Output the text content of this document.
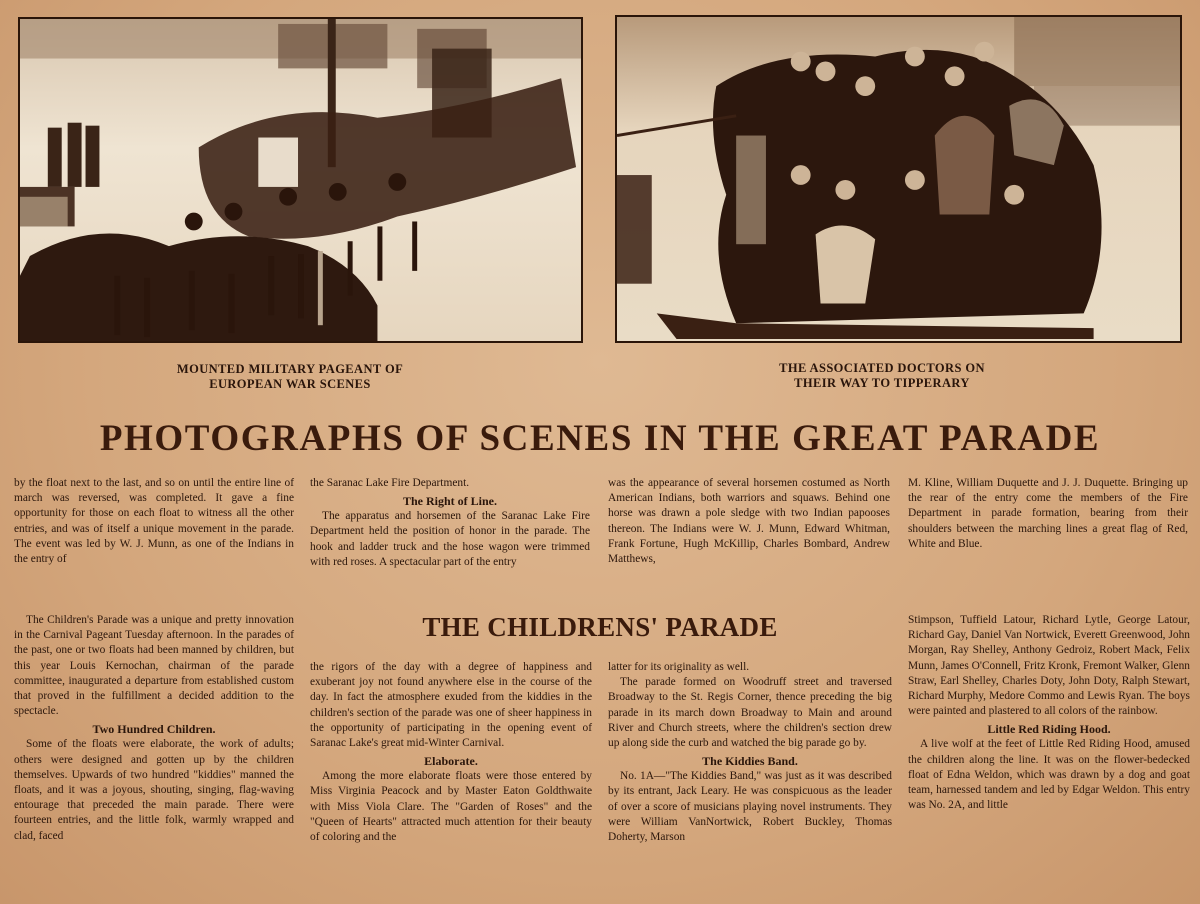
MOUNTED MILITARY PAGEANT OF
EUROPEAN WAR SCENES
THE ASSOCIATED DOCTORS ON
THEIR WAY TO TIPPERARY
PHOTOGRAPHS OF SCENES IN THE GREAT PARADE

by the float next to the last, and so on until the entire line of march was reversed, was completed. It gave a fine opportunity for those on each float to witness all the other entries, and was of itself a unique movement in the parade. The event was led by W. J. Munn, as one of the Indians in the entry of

the Saranac Lake Fire Department.

The Right of Line.

The apparatus and horsemen of the Saranac Lake Fire Department held the position of honor in the parade. The hook and ladder truck and the hose wagon were trimmed with red roses. A spectacular part of the entry

was the appearance of several horsemen costumed as North American Indians, both warriors and squaws. Behind one horse was drawn a pole sledge with two Indian papooses thereon. The Indians were W. J. Munn, Edward Whitman, Frank Fortune, Hugh McKillip, Charles Bombard, Andrew Matthews,

M. Kline, William Duquette and J. J. Duquette. Bringing up the rear of the entry come the members of the Fire Department in parade formation, bearing from their shoulders between the marching lines a great flag of Red, White and Blue.

THE CHILDRENS' PARADE

The Children's Parade was a unique and pretty innovation in the Carnival Pageant Tuesday afternoon. In the parades of the past, one or two floats had been manned by children, but this year Louis Kernochan, chairman of the parade committee, inaugurated a departure from established custom that proved in the fulfillment a decided addition to the spectacle.

Two Hundred Children.

Some of the floats were elaborate, the work of adults; others were designed and gotten up by the children themselves. Upwards of two hundred "kiddies" manned the floats, and it was a joyous, shouting, singing, flag-waving entourage that preceded the main parade. There were fourteen entries, and the little folk, warmly wrapped and clad, faced

the rigors of the day with a degree of happiness and exuberant joy not found anywhere else in the course of the day. In fact the atmosphere exuded from the kiddies in the children's section of the parade was one of sheer happiness in the opportunity of participating in the opening event of Saranac Lake's great mid-Winter Carnival.

Elaborate.

Among the more elaborate floats were those entered by Miss Virginia Peacock and by Master Eaton Goldthwaite with Miss Viola Clare. The "Garden of Roses" and the "Queen of Hearts" attracted much attention for their beauty of coloring and the

latter for its originality as well.

The parade formed on Woodruff street and traversed Broadway to the St. Regis Corner, thence preceding the big parade in its march down Broadway to Main and around River and Church streets, where the children's section drew up along side the curb and watched the big parade go by.

The Kiddies Band.

No. 1A—"The Kiddies Band," was just as it was described by its entrant, Jack Leary. He was conspicuous as the leader of over a score of musicians playing novel instruments. They were William VanNortwick, Robert Buckley, Thomas Doherty, Marson

Stimpson, Tuffield Latour, Richard Lytle, George Latour, Richard Gay, Daniel Van Nortwick, Everett Greenwood, John Morgan, Ray Shelley, Anthony Gedroiz, Robert Mack, Felix Munn, James O'Connell, Fritz Kronk, Fremont Walker, Glenn Straw, Earl Shelley, Charles Doty, John Doty, Ralph Stewart, Richard Murphy, Medore Commo and Lewis Ryan. The boys were painted and plastered to all colors of the rainbow.

Little Red Riding Hood.

A live wolf at the feet of Little Red Riding Hood, amused the children along the line. It was on the flower-bedecked float of Edna Weldon, which was drawn by a dog and goat team, harnessed tandem and led by Edgar Weldon. This entry was No. 2A, and little
